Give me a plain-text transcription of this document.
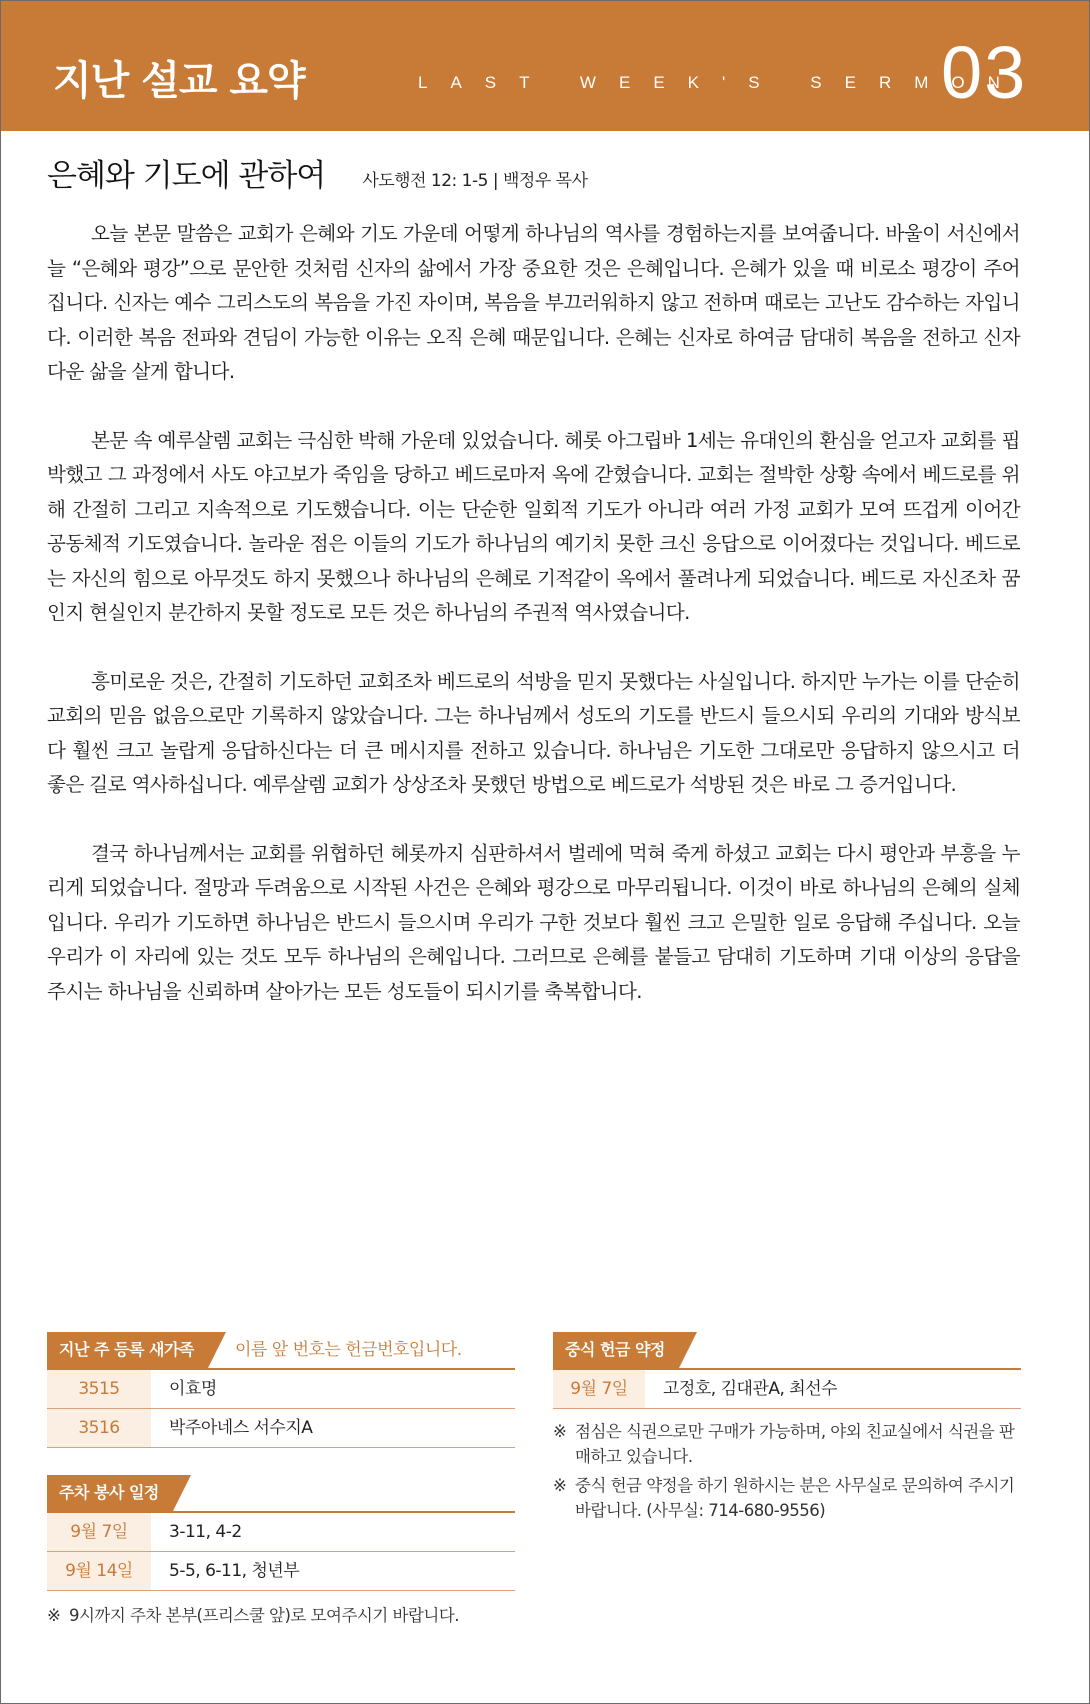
지난 설교 요약	LAST WEEK'S SERMON
03
은혜와 기도에 관하여 사도행전 12: 1-5 | 백정우 목사

오늘 본문 말씀은 교회가 은혜와 기도 가운데 어떻게 하나님의 역사를 경험하는지를 보여줍니다. 바울이 서신에서 늘 “은혜와 평강”으로 문안한 것처럼 신자의 삶에서 가장 중요한 것은 은혜입니다. 은혜가 있을 때 비로소 평강이 주어집니다. 신자는 예수 그리스도의 복음을 가진 자이며, 복음을 부끄러워하지 않고 전하며 때로는 고난도 감수하는 자입니다. 이러한 복음 전파와 견딤이 가능한 이유는 오직 은혜 때문입니다. 은혜는 신자로 하여금 담대히 복음을 전하고 신자다운 삶을 살게 합니다.

본문 속 예루살렘 교회는 극심한 박해 가운데 있었습니다. 헤롯 아그립바 1세는 유대인의 환심을 얻고자 교회를 핍박했고 그 과정에서 사도 야고보가 죽임을 당하고 베드로마저 옥에 갇혔습니다. 교회는 절박한 상황 속에서 베드로를 위해 간절히 그리고 지속적으로 기도했습니다. 이는 단순한 일회적 기도가 아니라 여러 가정 교회가 모여 뜨겁게 이어간 공동체적 기도였습니다. 놀라운 점은 이들의 기도가 하나님의 예기치 못한 크신 응답으로 이어졌다는 것입니다. 베드로는 자신의 힘으로 아무것도 하지 못했으나 하나님의 은혜로 기적같이 옥에서 풀려나게 되었습니다. 베드로 자신조차 꿈인지 현실인지 분간하지 못할 정도로 모든 것은 하나님의 주권적 역사였습니다.

흥미로운 것은, 간절히 기도하던 교회조차 베드로의 석방을 믿지 못했다는 사실입니다. 하지만 누가는 이를 단순히 교회의 믿음 없음으로만 기록하지 않았습니다. 그는 하나님께서 성도의 기도를 반드시 들으시되 우리의 기대와 방식보다 훨씬 크고 놀랍게 응답하신다는 더 큰 메시지를 전하고 있습니다. 하나님은 기도한 그대로만 응답하지 않으시고 더 좋은 길로 역사하십니다. 예루살렘 교회가 상상조차 못했던 방법으로 베드로가 석방된 것은 바로 그 증거입니다.

결국 하나님께서는 교회를 위협하던 헤롯까지 심판하셔서 벌레에 먹혀 죽게 하셨고 교회는 다시 평안과 부흥을 누리게 되었습니다. 절망과 두려움으로 시작된 사건은 은혜와 평강으로 마무리됩니다. 이것이 바로 하나님의 은혜의 실체입니다. 우리가 기도하면 하나님은 반드시 들으시며 우리가 구한 것보다 훨씬 크고 은밀한 일로 응답해 주십니다. 오늘 우리가 이 자리에 있는 것도 모두 하나님의 은혜입니다. 그러므로 은혜를 붙들고 담대히 기도하며 기대 이상의 응답을 주시는 하나님을 신뢰하며 살아가는 모든 성도들이 되시기를 축복합니다.

지난 주 등록 새가족 이름 앞 번호는 헌금번호입니다.
3515	이효명
3516	박주아네스 서수지A
주차 봉사 일정
9월 7일	3-11, 4-2
9월 14일	5-5, 6-11, 청년부
※ 9시까지 주차 본부(프리스쿨 앞)로 모여주시기 바랍니다.
중식 헌금 약정
9월 7일	고정호, 김대관A, 최선수
※ 점심은 식권으로만 구매가 가능하며, 야외 친교실에서 식권을 판매하고 있습니다.
※ 중식 헌금 약정을 하기 원하시는 분은 사무실로 문의하여 주시기 바랍니다. (사무실: 714-680-9556)
